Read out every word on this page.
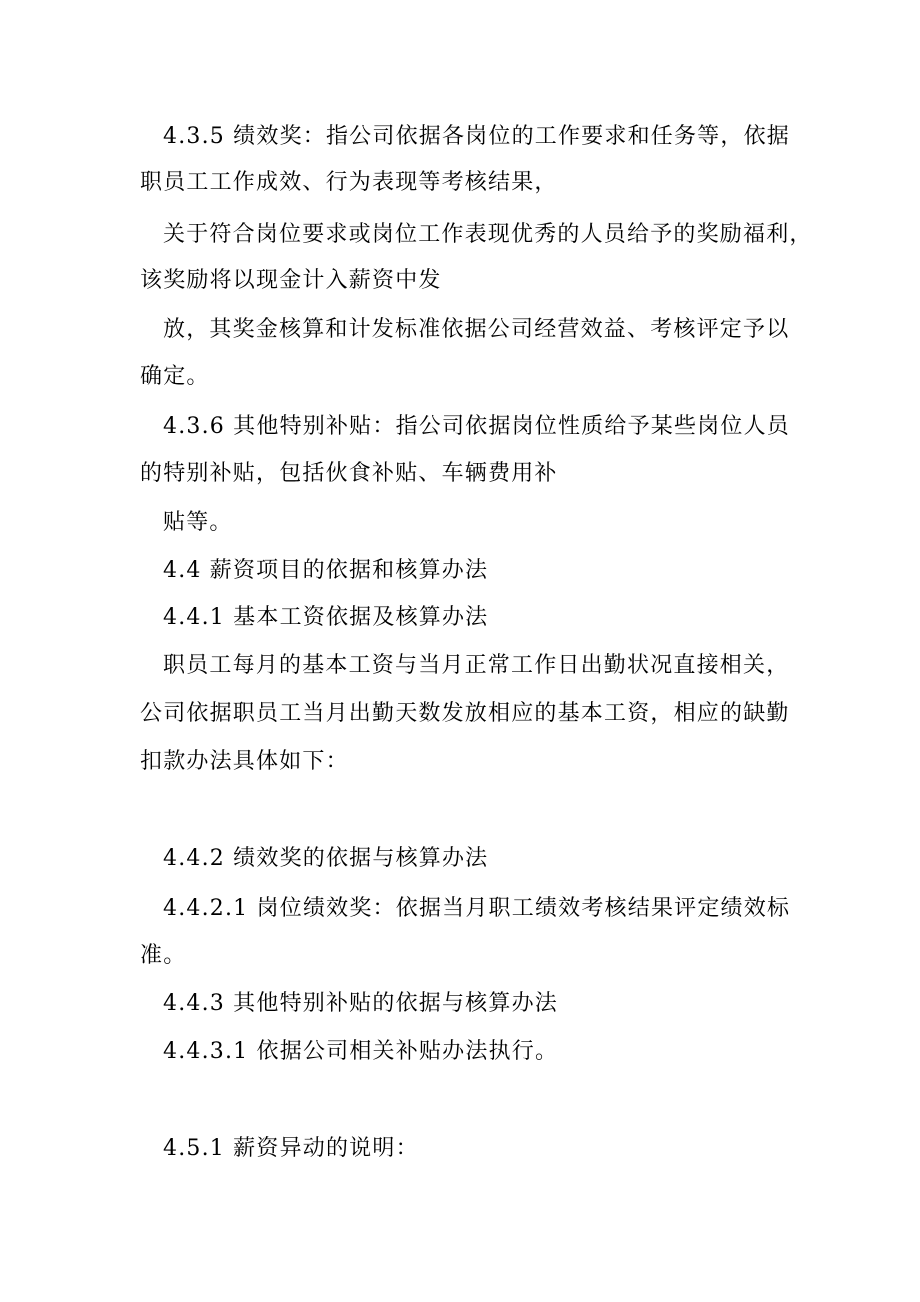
4.3.5 绩效奖：指公司依据各岗位的工作要求和任务等，依据
职员工工作成效、行为表现等考核结果，
关于符合岗位要求或岗位工作表现优秀的人员给予的奖励福利，
该奖励将以现金计入薪资中发
放，其奖金核算和计发标准依据公司经营效益、考核评定予以
确定。
4.3.6 其他特别补贴：指公司依据岗位性质给予某些岗位人员
的特别补贴，包括伙食补贴、车辆费用补
贴等。
4.4 薪资项目的依据和核算办法
4.4.1 基本工资依据及核算办法
职员工每月的基本工资与当月正常工作日出勤状况直接相关，
公司依据职员工当月出勤天数发放相应的基本工资，相应的缺勤
扣款办法具体如下：
4.4.2 绩效奖的依据与核算办法
4.4.2.1 岗位绩效奖：依据当月职工绩效考核结果评定绩效标
准。
4.4.3 其他特别补贴的依据与核算办法
4.4.3.1 依据公司相关补贴办法执行。
4.5.1 薪资异动的说明：
